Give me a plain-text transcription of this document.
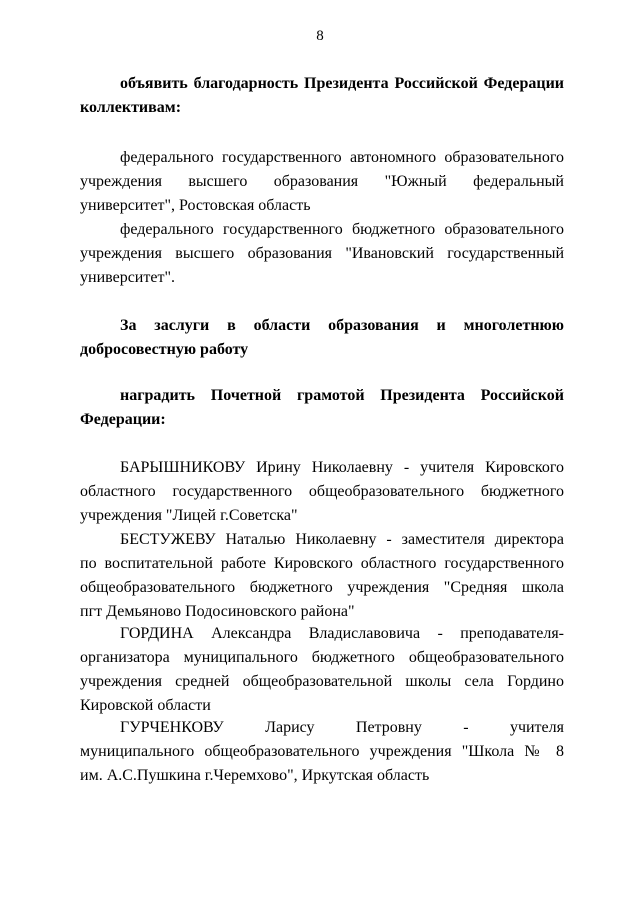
8
объявить благодарность Президента Российской Федерации
коллективам:
федерального государственного автономного образовательного
учреждения высшего образования "Южный федеральный
университет", Ростовская область
федерального государственного бюджетного образовательного
учреждения высшего образования "Ивановский государственный
университет".
За заслуги в области образования и многолетнюю
добросовестную работу
наградить Почетной грамотой Президента Российской
Федерации:
БАРЫШНИКОВУ Ирину Николаевну - учителя Кировского
областного государственного общеобразовательного бюджетного
учреждения "Лицей г.Советска"
БЕСТУЖЕВУ Наталью Николаевну - заместителя директора
по воспитательной работе Кировского областного государственного
общеобразовательного бюджетного учреждения "Средняя школа
пгт Демьяново Подосиновского района"
ГОРДИНА Александра Владиславовича - преподавателя-
организатора муниципального бюджетного общеобразовательного
учреждения средней общеобразовательной школы села Гордино
Кировской области
ГУРЧЕНКОВУ Ларису Петровну - учителя
муниципального общеобразовательного учреждения "Школа № 8
им. А.С.Пушкина г.Черемхово", Иркутская область
